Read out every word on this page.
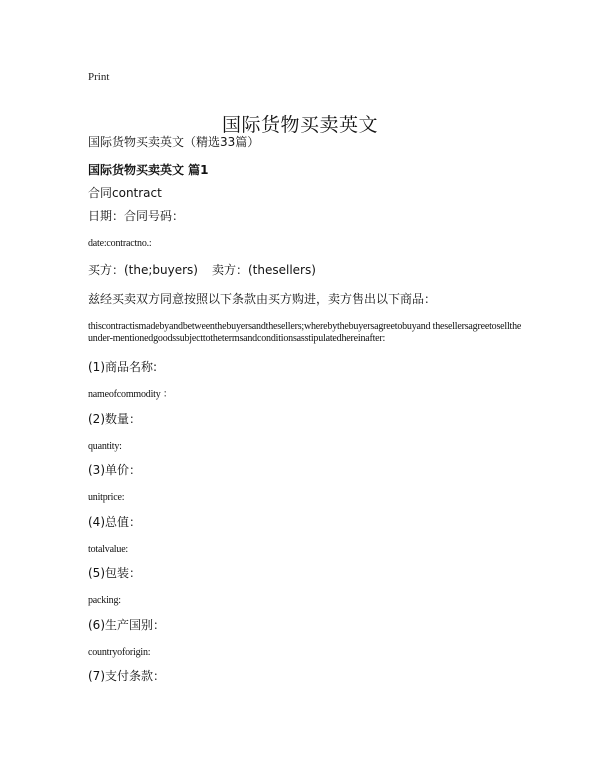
Print
国际货物买卖英文
国际货物买卖英文（精选33篇）
国际货物买卖英文 篇1

合同contract

日期：合同号码：

date:contractno.:

买方：(the;buyers) 卖方：(thesellers)

兹经买卖双方同意按照以下条款由买方购进，卖方售出以下商品：

thiscontractismadebyandbetweenthebuyersandthesellers;wherebythebuyersagreetobuyand thesellersagreetosellthe under-mentionedgoodssubjecttothetermsandconditionsasstipulatedhereinafter:

(1)商品名称:

nameofcommodity ：

(2)数量：

quantity:

(3)单价：

unitprice:

(4)总值：

totalvalue:

(5)包装：

packing:

(6)生产国别：

countryoforigin:

(7)支付条款：
